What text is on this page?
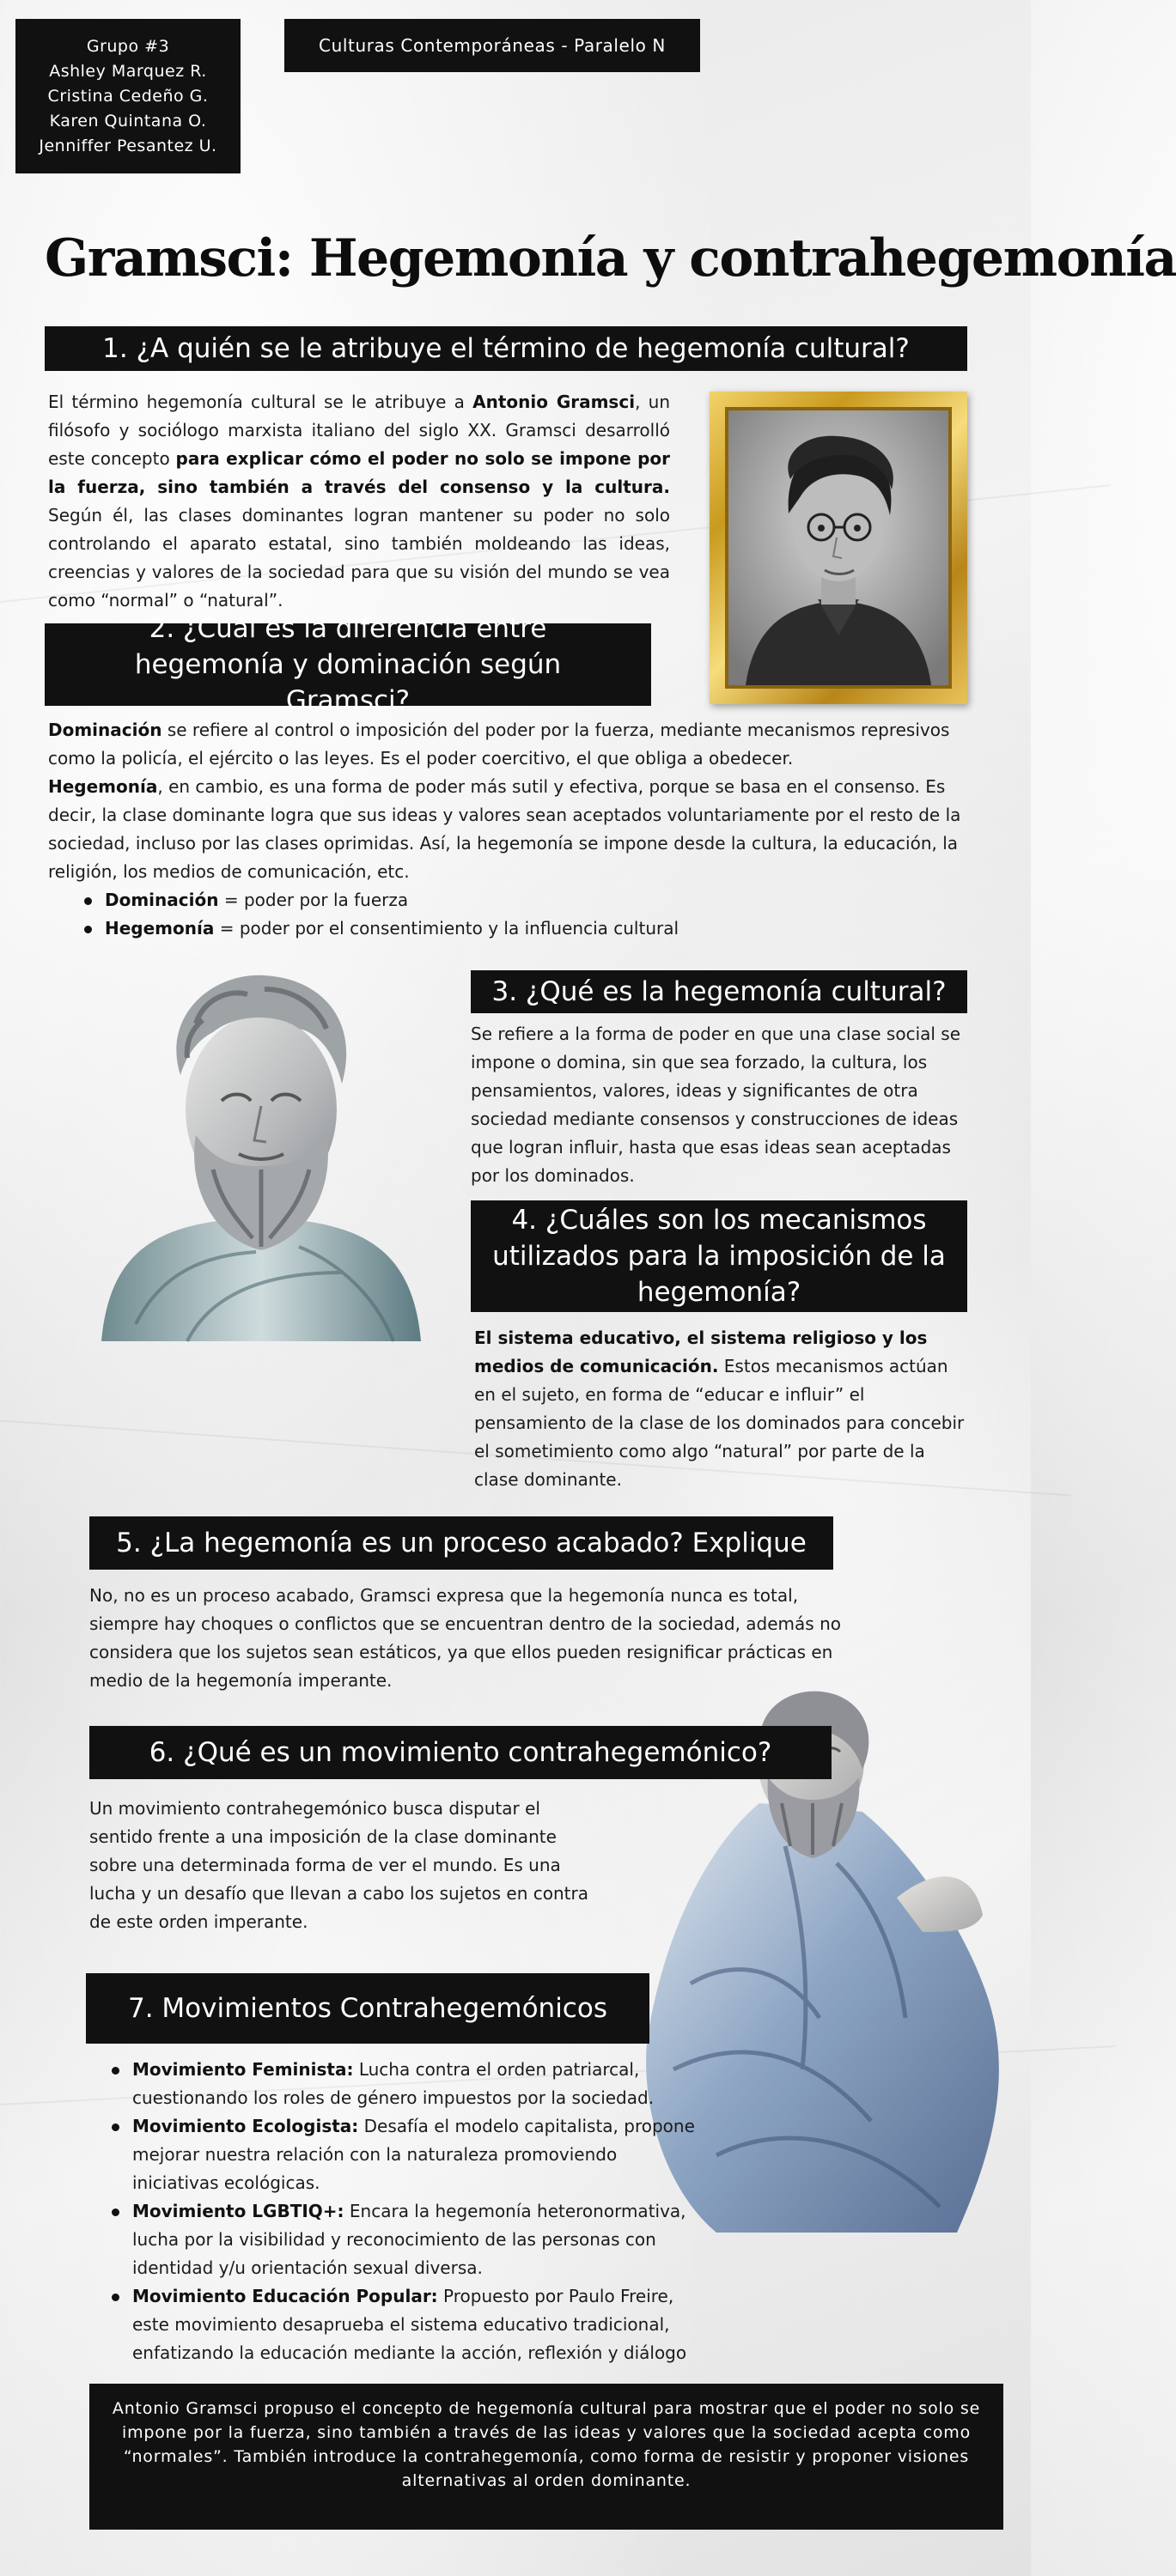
Grupo #3
Ashley Marquez R.
Cristina Cedeño G.
Karen Quintana O.
Jenniffer Pesantez U.
Culturas Contemporáneas - Paralelo N
Gramsci: Hegemonía y contrahegemonía
1. ¿A quién se le atribuye el término de hegemonía cultural?

El término hegemonía cultural se le atribuye a Antonio Gramsci, un filósofo y sociólogo marxista italiano del siglo XX. Gramsci desarrolló este concepto para explicar cómo el poder no solo se impone por la fuerza, sino también a través del consenso y la cultura. Según él, las clases dominantes logran mantener su poder no solo controlando el aparato estatal, sino también moldeando las ideas, creencias y valores de la sociedad para que su visión del mundo se vea como “normal” o “natural”.

2. ¿Cuál es la diferencia entre hegemonía y dominación según Gramsci?

Dominación se refiere al control o imposición del poder por la fuerza, mediante mecanismos represivos como la policía, el ejército o las leyes. Es el poder coercitivo, el que obliga a obedecer.

Hegemonía, en cambio, es una forma de poder más sutil y efectiva, porque se basa en el consenso. Es decir, la clase dominante logra que sus ideas y valores sean aceptados voluntariamente por el resto de la sociedad, incluso por las clases oprimidas. Así, la hegemonía se impone desde la cultura, la educación, la religión, los medios de comunicación, etc.

Dominación = poder por la fuerza
Hegemonía = poder por el consentimiento y la influencia cultural
3. ¿Qué es la hegemonía cultural?

Se refiere a la forma de poder en que una clase social se impone o domina, sin que sea forzado, la cultura, los pensamientos, valores, ideas y significantes de otra sociedad mediante consensos y construcciones de ideas que logran influir, hasta que esas ideas sean aceptadas por los dominados.

4. ¿Cuáles son los mecanismos utilizados para la imposición de la hegemonía?

El sistema educativo, el sistema religioso y los medios de comunicación. Estos mecanismos actúan en el sujeto, en forma de “educar e influir” el pensamiento de la clase de los dominados para concebir el sometimiento como algo “natural” por parte de la clase dominante.

5. ¿La hegemonía es un proceso acabado? Explique

No, no es un proceso acabado, Gramsci expresa que la hegemonía nunca es total, siempre hay choques o conflictos que se encuentran dentro de la sociedad, además no considera que los sujetos sean estáticos, ya que ellos pueden resignificar prácticas en medio de la hegemonía imperante.

6. ¿Qué es un movimiento contrahegemónico?

Un movimiento contrahegemónico busca disputar el sentido frente a una imposición de la clase dominante sobre una determinada forma de ver el mundo. Es una lucha y un desafío que llevan a cabo los sujetos en contra de este orden imperante.

7. Movimientos Contrahegemónicos
Movimiento Feminista: Lucha contra el orden patriarcal, cuestionando los roles de género impuestos por la sociedad.
Movimiento Ecologista: Desafía el modelo capitalista, propone mejorar nuestra relación con la naturaleza promoviendo iniciativas ecológicas.
Movimiento LGBTIQ+: Encara la hegemonía heteronormativa, lucha por la visibilidad y reconocimiento de las personas con identidad y/u orientación sexual diversa.
Movimiento Educación Popular: Propuesto por Paulo Freire, este movimiento desaprueba el sistema educativo tradicional, enfatizando la educación mediante la acción, reflexión y diálogo
Antonio Gramsci propuso el concepto de hegemonía cultural para mostrar que el poder no solo se impone por la fuerza, sino también a través de las ideas y valores que la sociedad acepta como “normales”. También introduce la contrahegemonía, como forma de resistir y proponer visiones alternativas al orden dominante.
